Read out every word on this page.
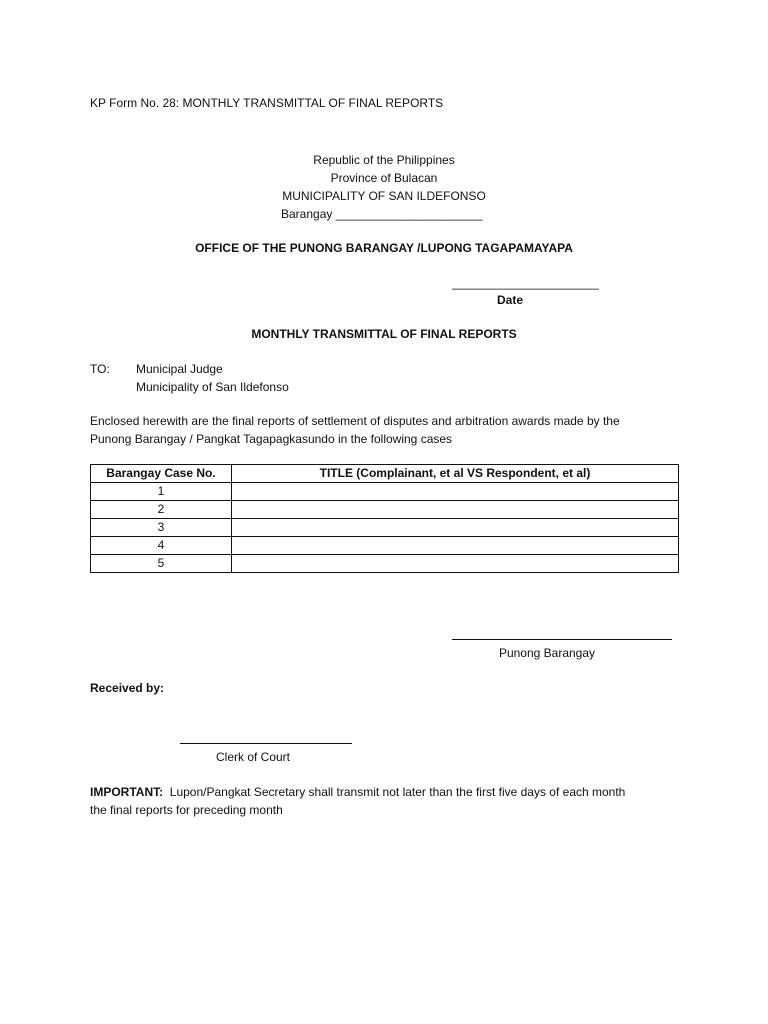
KP Form No. 28: MONTHLY TRANSMITTAL OF FINAL REPORTS
Republic of the Philippines
Province of Bulacan
MUNICIPALITY OF SAN ILDEFONSO
Barangay ______________________
OFFICE OF THE PUNONG BARANGAY /LUPONG TAGAPAMAYAPA
______________________
Date
MONTHLY TRANSMITTAL OF FINAL REPORTS
TO: Municipal Judge
Municipality of San Ildefonso
Enclosed herewith are the final reports of settlement of disputes and arbitration awards made by the
Punong Barangay / Pangkat Tagapagkasundo in the following cases
Barangay Case No.	TITLE (Complainant, et al VS Respondent, et al)
1	
2	
3	
4	
5	
Punong Barangay
Received by:
Clerk of Court
IMPORTANT:  Lupon/Pangkat Secretary shall transmit not later than the first five days of each month
the final reports for preceding month
